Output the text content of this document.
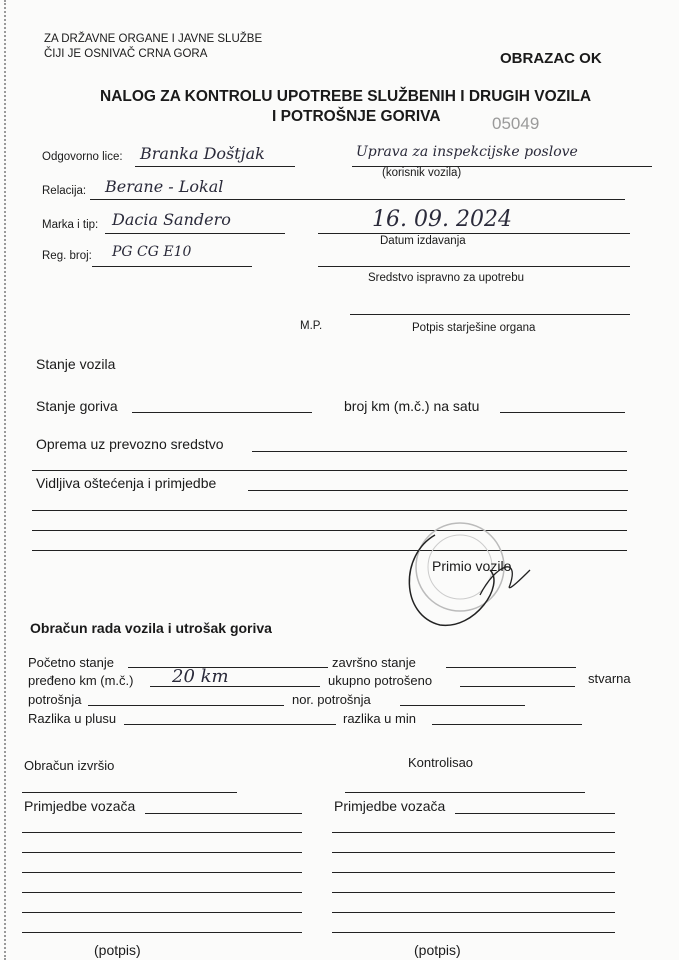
ZA DRŽAVNE ORGANE I JAVNE SLUŽBE
ČIJI JE OSNIVAČ CRNA GORA	OBRAZAC OK
NALOG ZA KONTROLU UPOTREBE SLUŽBENIH I DRUGIH VOZILA
I POTROŠNJE GORIVA	05049
Odgovorno lice: Branka Doštjak	Uprava za inspekcijske poslove
(korisnik vozila)
Relacija: Berane - Lokal
Marka i tip: Dacia Sandero	16. 09. 2024
Datum izdavanja
Reg. broj: PG CG E10
Sredstvo ispravno za upotrebu
M.P.	Potpis starješine organa
Stanje vozila
Stanje goriva	broj km (m.č.) na satu
Oprema uz prevozno sredstvo
Vidljiva oštećenja i primjedbe
Primio vozilo
Obračun rada vozila i utrošak goriva
Početno stanje	završno stanje
pređeno km (m.č.) 20 km	ukupno potrošeno	stvarna
potrošnja	nor. potrošnja
Razlika u plusu	razlika u min
Obračun izvršio	Kontrolisao
Primjedbe vozača	Primjedbe vozača
(potpis)	(potpis)
